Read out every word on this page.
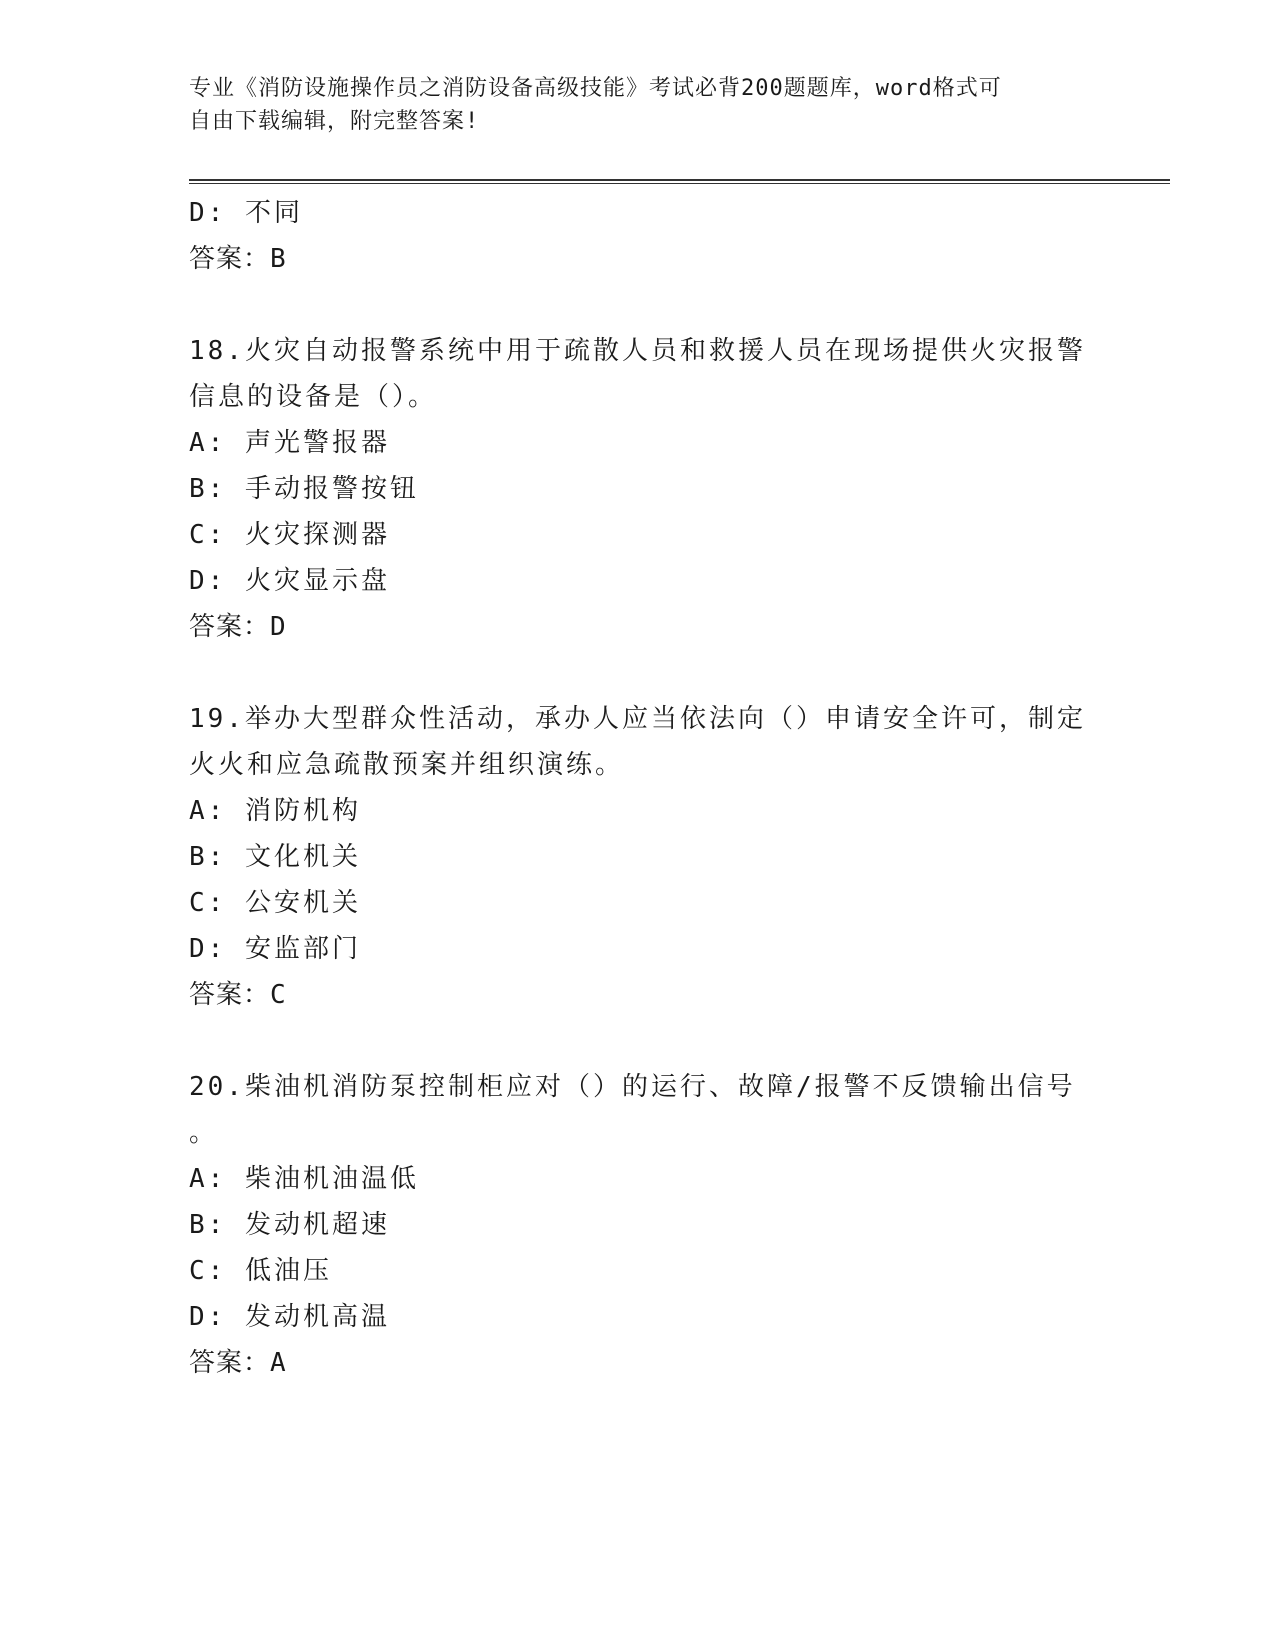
专业《消防设施操作员之消防设备高级技能》考试必背200题题库，word格式可
自由下载编辑，附完整答案!
D: 不同
答案：B
18.火灾自动报警系统中用于疏散人员和救援人员在现场提供火灾报警
信息的设备是（）。
A: 声光警报器
B: 手动报警按钮
C: 火灾探测器
D: 火灾显示盘
答案：D
19.举办大型群众性活动，承办人应当依法向（）申请安全许可，制定
火火和应急疏散预案并组织演练。
A: 消防机构
B: 文化机关
C: 公安机关
D: 安监部门
答案：C
20.柴油机消防泵控制柜应对（）的运行、故障/报警不反馈输出信号
。
A: 柴油机油温低
B: 发动机超速
C: 低油压
D: 发动机高温
答案：A
